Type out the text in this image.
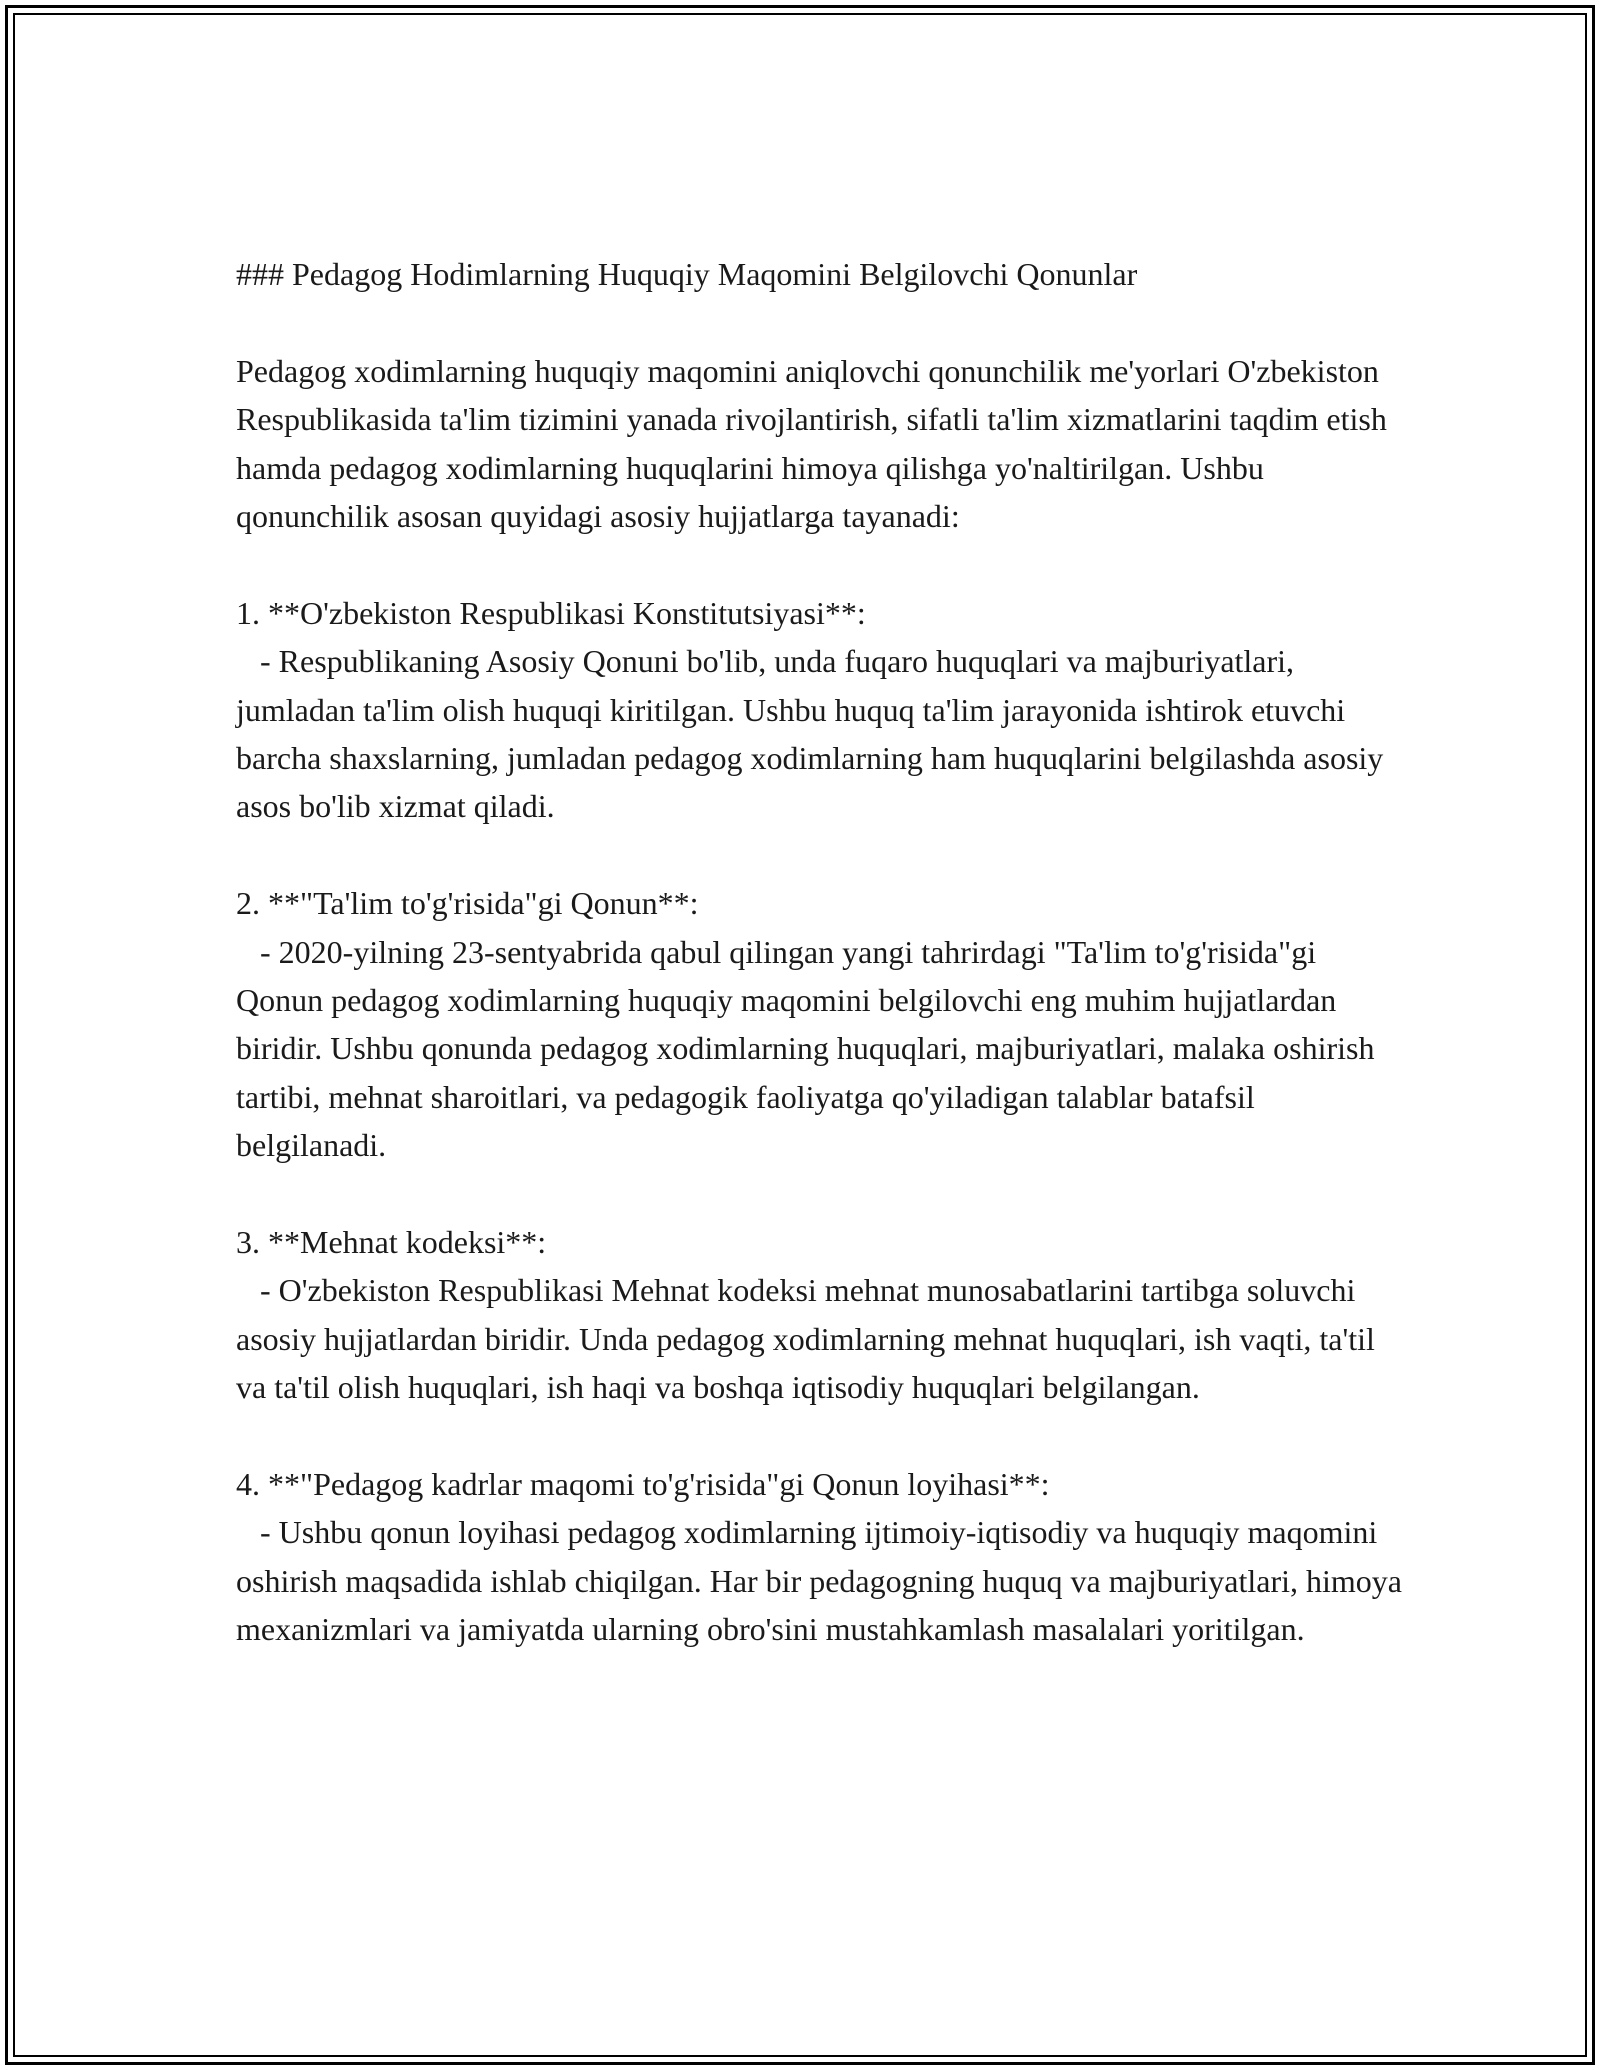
### Pedagog Hodimlarning Huquqiy Maqomini Belgilovchi Qonunlar

Pedagog xodimlarning huquqiy maqomini aniqlovchi qonunchilik me'yorlari O'zbekiston Respublikasida ta'lim tizimini yanada rivojlantirish, sifatli ta'lim xizmatlarini taqdim etish hamda pedagog xodimlarning huquqlarini himoya qilishga yo'naltirilgan. Ushbu qonunchilik asosan quyidagi asosiy hujjatlarga tayanadi:

1. **O'zbekiston Respublikasi Konstitutsiyasi**:

- Respublikaning Asosiy Qonuni bo'lib, unda fuqaro huquqlari va majburiyatlari, jumladan ta'lim olish huquqi kiritilgan. Ushbu huquq ta'lim jarayonida ishtirok etuvchi barcha shaxslarning, jumladan pedagog xodimlarning ham huquqlarini belgilashda asosiy asos bo'lib xizmat qiladi.

2. **"Ta'lim to'g'risida"gi Qonun**:

- 2020-yilning 23-sentyabrida qabul qilingan yangi tahrirdagi "Ta'lim to'g'risida"gi Qonun pedagog xodimlarning huquqiy maqomini belgilovchi eng muhim hujjatlardan biridir. Ushbu qonunda pedagog xodimlarning huquqlari, majburiyatlari, malaka oshirish tartibi, mehnat sharoitlari, va pedagogik faoliyatga qo'yiladigan talablar batafsil belgilanadi.

3. **Mehnat kodeksi**:

- O'zbekiston Respublikasi Mehnat kodeksi mehnat munosabatlarini tartibga soluvchi asosiy hujjatlardan biridir. Unda pedagog xodimlarning mehnat huquqlari, ish vaqti, ta'til va ta'til olish huquqlari, ish haqi va boshqa iqtisodiy huquqlari belgilangan.

4. **"Pedagog kadrlar maqomi to'g'risida"gi Qonun loyihasi**:

- Ushbu qonun loyihasi pedagog xodimlarning ijtimoiy-iqtisodiy va huquqiy maqomini oshirish maqsadida ishlab chiqilgan. Har bir pedagogning huquq va majburiyatlari, himoya mexanizmlari va jamiyatda ularning obro'sini mustahkamlash masalalari yoritilgan.
